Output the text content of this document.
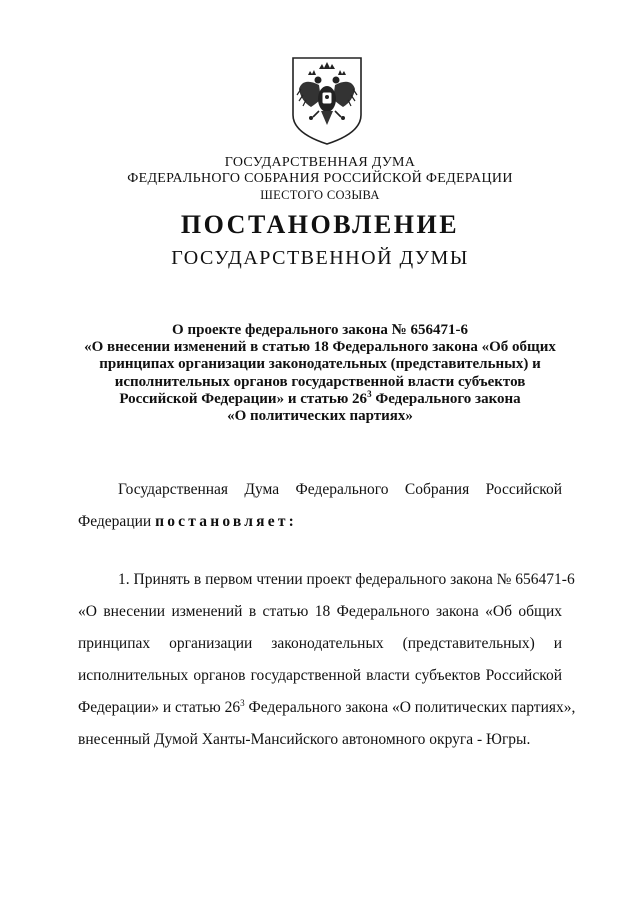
ГОСУДАРСТВЕННАЯ ДУМА
ФЕДЕРАЛЬНОГО СОБРАНИЯ РОССИЙСКОЙ ФЕДЕРАЦИИ
ШЕСТОГО СОЗЫВА
ПОСТАНОВЛЕНИЕ
ГОСУДАРСТВЕННОЙ ДУМЫ
О проекте федерального закона № 656471-6
«О внесении изменений в статью 18 Федерального закона «Об общих
принципах организации законодательных (представительных) и
исполнительных органов государственной власти субъектов
Российской Федерации» и статью $26^3$ Федерального закона
«О политических партиях»
Государственная Дума Федерального Собрания Российской
Федерации постановляет:
1. Принять в первом чтении проект федерального закона № 656471-6
«О внесении изменений в статью 18 Федерального закона «Об общих
принципах организации законодательных (представительных) и
исполнительных органов государственной власти субъектов Российской
Федерации» и статью $26^3$ Федерального закона «О политических партиях»,
внесенный Думой Ханты-Мансийского автономного округа - Югры.
